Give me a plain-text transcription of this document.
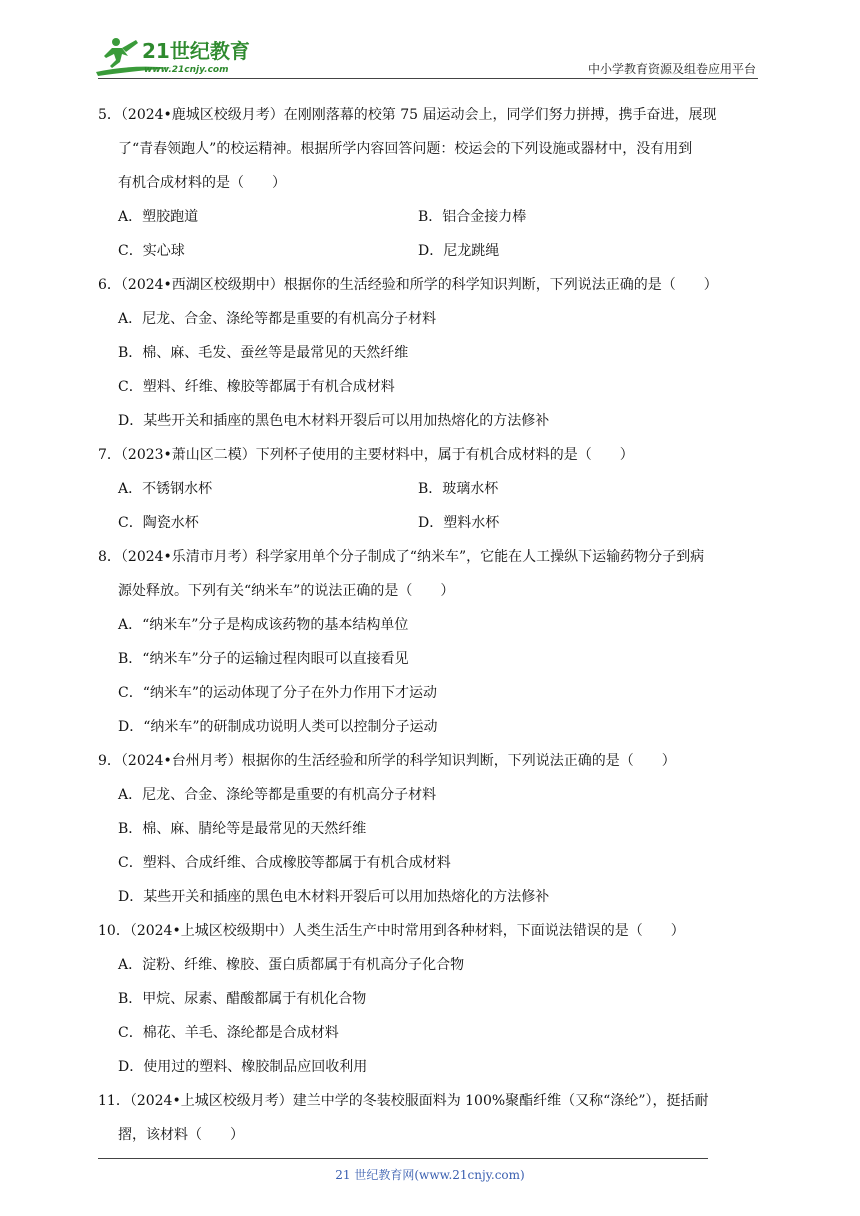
21世纪教育
www.21cnjy.com	中小学教育资源及组卷应用平台
5．（2024•鹿城区校级月考）在刚刚落幕的校第 75 届运动会上，同学们努力拼搏，携手奋进，展现
了“青春领跑人”的校运精神。根据所学内容回答问题：校运会的下列设施或器材中，没有用到
有机合成材料的是（　　）
A．塑胶跑道	B．铝合金接力棒
C．实心球	D．尼龙跳绳
6．（2024•西湖区校级期中）根据你的生活经验和所学的科学知识判断，下列说法正确的是（　　）
A．尼龙、合金、涤纶等都是重要的有机高分子材料
B．棉、麻、毛发、蚕丝等是最常见的天然纤维
C．塑料、纤维、橡胶等都属于有机合成材料
D．某些开关和插座的黑色电木材料开裂后可以用加热熔化的方法修补
7．（2023•萧山区二模）下列杯子使用的主要材料中，属于有机合成材料的是（　　）
A．不锈钢水杯	B．玻璃水杯
C．陶瓷水杯	D．塑料水杯
8．（2024•乐清市月考）科学家用单个分子制成了“纳米车”，它能在人工操纵下运输药物分子到病
源处释放。下列有关“纳米车”的说法正确的是（　　）
A．“纳米车”分子是构成该药物的基本结构单位
B．“纳米车”分子的运输过程肉眼可以直接看见
C．“纳米车”的运动体现了分子在外力作用下才运动
D．“纳米车”的研制成功说明人类可以控制分子运动
9．（2024•台州月考）根据你的生活经验和所学的科学知识判断，下列说法正确的是（　　）
A．尼龙、合金、涤纶等都是重要的有机高分子材料
B．棉、麻、腈纶等是最常见的天然纤维
C．塑料、合成纤维、合成橡胶等都属于有机合成材料
D．某些开关和插座的黑色电木材料开裂后可以用加热熔化的方法修补
10．（2024•上城区校级期中）人类生活生产中时常用到各种材料，下面说法错误的是（　　）
A．淀粉、纤维、橡胶、蛋白质都属于有机高分子化合物
B．甲烷、尿素、醋酸都属于有机化合物
C．棉花、羊毛、涤纶都是合成材料
D．使用过的塑料、橡胶制品应回收利用
11．（2024•上城区校级月考）建兰中学的冬装校服面料为 100%聚酯纤维（又称“涤纶”），挺括耐
摺，该材料（　　）
21 世纪教育网(www.21cnjy.com)
